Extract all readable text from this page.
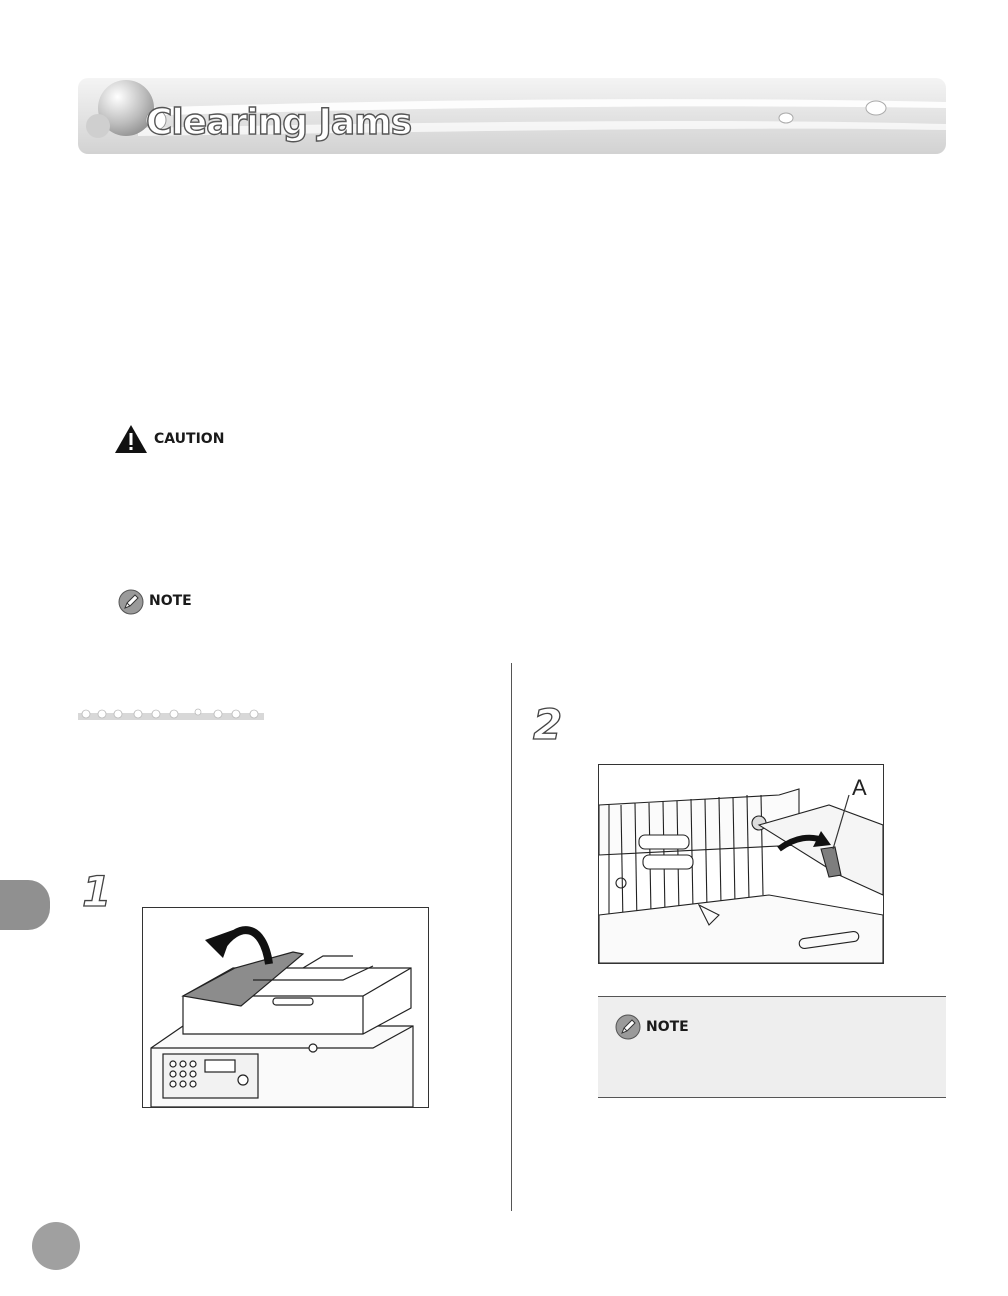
Clearing Jams
CAUTION
NOTE
1
2
A
NOTE
